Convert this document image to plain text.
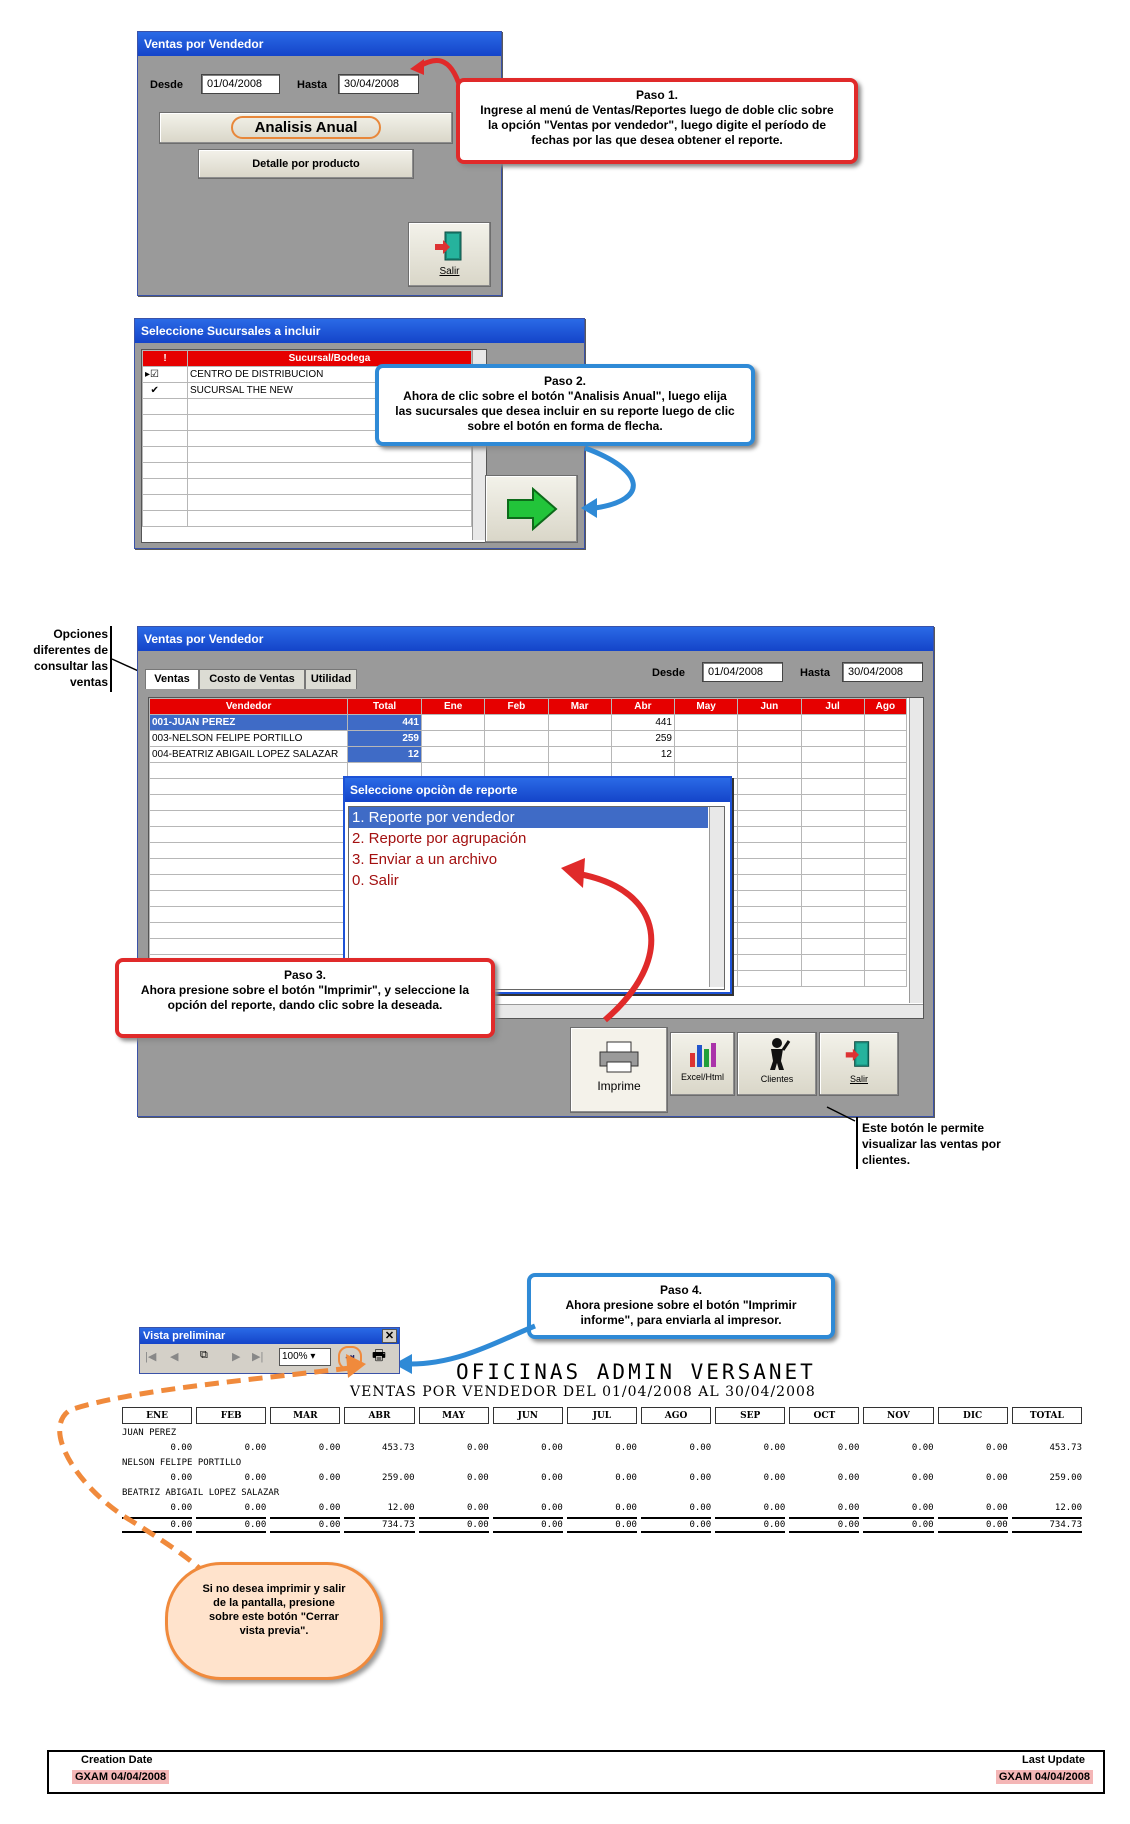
Ventas por Vendedor
Desde	01/04/2008	Hasta	30/04/2008
Analisis Anual
Detalle por producto
Salir
Paso 1.
Ingrese al menú de Ventas/Reportes luego de doble clic sobre la opción "Ventas por vendedor", luego digite el período de fechas por las que desea obtener el reporte.
Seleccione Sucursales a incluir
!	Sucursal/Bodega
▸☑	CENTRO DE DISTRIBUCION
✔	SUCURSAL THE NEW

Paso 2.
Ahora de clic sobre el botón "Analisis Anual", luego elija las sucursales que desea incluir en su reporte luego de clic sobre el botón en forma de flecha.
Opciones diferentes de consultar las ventas
Ventas por Vendedor
Ventas	Costo de Ventas	Utilidad	Desde	01/04/2008	Hasta	30/04/2008
Vendedor	Total	Ene	Feb	Mar	Abr	May	Jun	Jul	Ago
001-JUAN PEREZ	441				441				
003-NELSON FELIPE PORTILLO	259				259				
004-BEATRIZ ABIGAIL LOPEZ SALAZAR	12				12				

Imprime
Excel/Html	Clientes	Salir
Seleccione opciòn de reporte
1. Reporte por vendedor
2. Reporte por agrupación
3. Enviar a un archivo
0. Salir
Paso 3.
Ahora presione sobre el botón "Imprimir", y seleccione la opción del reporte, dando clic sobre la deseada.
Este botón le permite visualizar las ventas por clientes.
Paso 4.
Ahora presione sobre el botón "Imprimir informe", para enviarla al impresor.
Vista preliminar	✕
|◀ ◀ ⧉ ▶ ▶|	100% ▾	🖶
OFICINAS ADMIN VERSANET
VENTAS POR VENDEDOR DEL 01/04/2008 AL 30/04/2008
ENE	FEB	MAR	ABR	MAY	JUN	JUL	AGO	SEP	OCT	NOV	DIC	TOTAL
JUAN PEREZ												
0.00	0.00	0.00	453.73	0.00	0.00	0.00	0.00	0.00	0.00	0.00	0.00	453.73
NELSON FELIPE PORTILLO												
0.00	0.00	0.00	259.00	0.00	0.00	0.00	0.00	0.00	0.00	0.00	0.00	259.00
BEATRIZ ABIGAIL LOPEZ SALAZAR												
0.00	0.00	0.00	12.00	0.00	0.00	0.00	0.00	0.00	0.00	0.00	0.00	12.00
0.00	0.00	0.00	734.73	0.00	0.00	0.00	0.00	0.00	0.00	0.00	0.00	734.73
Si no desea imprimir y salir de la pantalla, presione sobre este botón "Cerrar vista previa".
Creation Date
GXAM 04/04/2008
Last Update
GXAM 04/04/2008
